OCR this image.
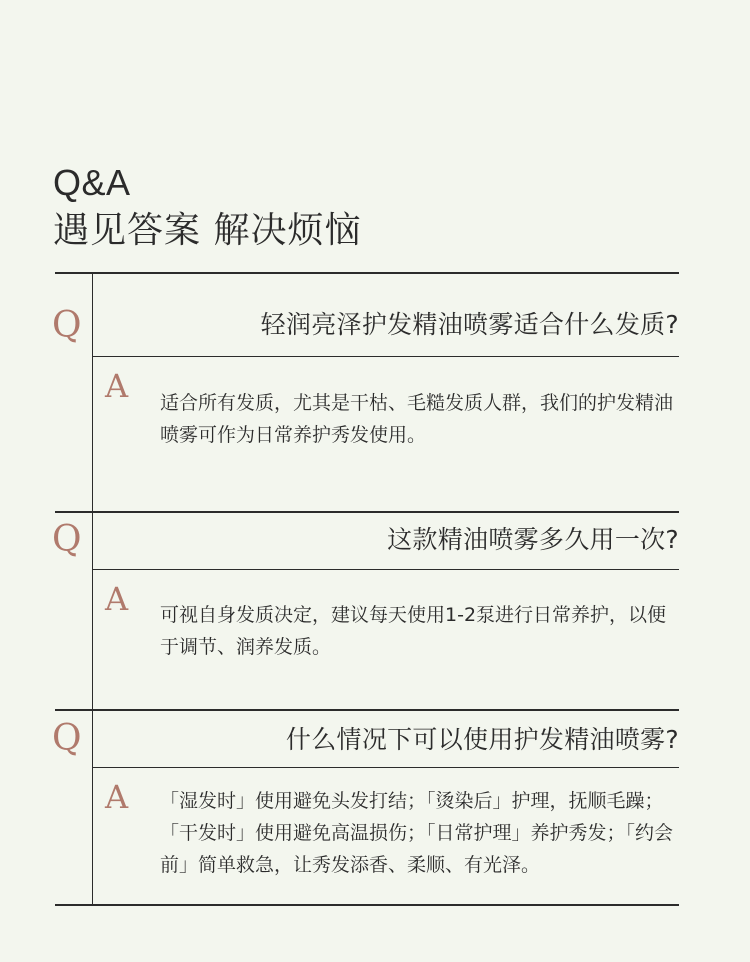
Q&A
遇见答案 解决烦恼
Q	轻润亮泽护发精油喷雾适合什么发质?
A 适合所有发质，尤其是干枯、毛糙发质人群，我们的护发精油喷雾可作为日常养护秀发使用。

Q	这款精油喷雾多久用一次?
A 可视自身发质决定，建议每天使用1-2泵进行日常养护，以便于调节、润养发质。

Q	什么情况下可以使用护发精油喷雾?
A 「湿发时」使用避免头发打结；「烫染后」护理，抚顺毛躁；「干发时」使用避免高温损伤；「日常护理」养护秀发；「约会前」简单救急，让秀发添香、柔顺、有光泽。
